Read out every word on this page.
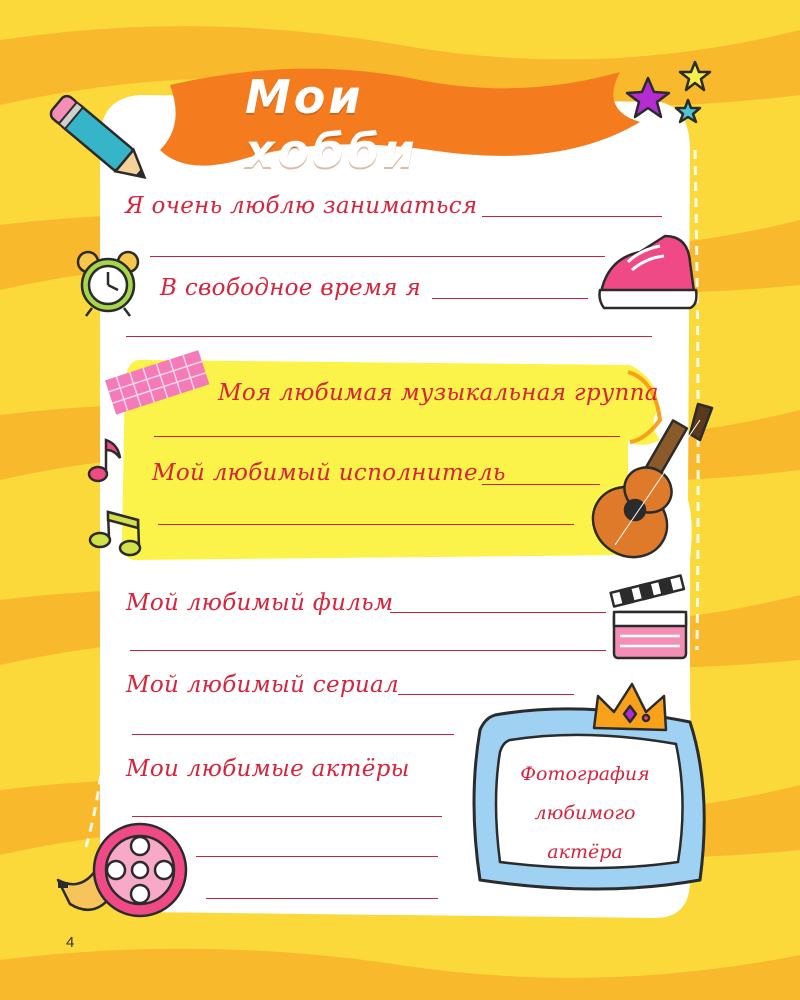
Мои хобби
Я очень люблю заниматься
В свободное время я
Моя любимая музыкальная группа
Мой любимый исполнитель
Мой любимый фильм
Мой любимый сериал
Мои любимые актёры	Фотография
любимого
актёра
4
